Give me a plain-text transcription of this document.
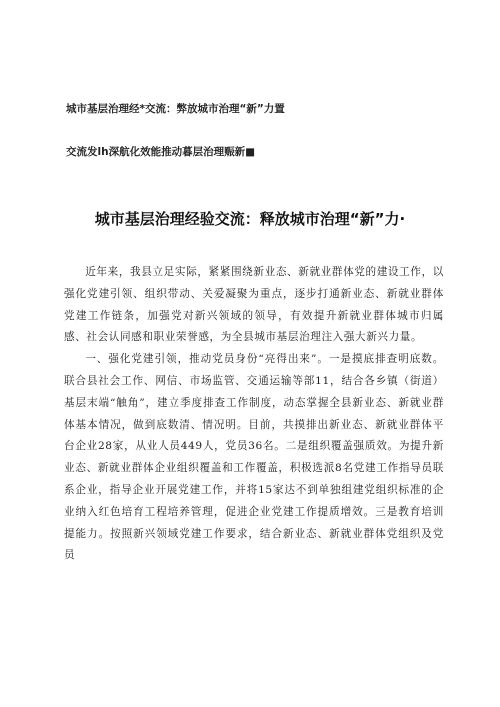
城市基层治理经*交流：弊放城市治理“新”力置
交流发lh深航化效能推动暮层治理赈新■
城市基层治理经验交流：释放城市治理“新”力·

近年来，我县立足实际，紧紧围绕新业态、新就业群体党的建设工作，以强化党建引领、组织带动、关爱凝聚为重点，逐步打通新业态、新就业群体党建工作链条，加强党对新兴领域的领导，有效提升新就业群体城市归属感、社会认同感和职业荣誉感，为全县城市基层治理注入强大新兴力量。

一、强化党建引领，推动党员身份“亮得出来”。一是摸底排查明底数。联合县社会工作、网信、市场监管、交通运输等部11，结合各乡镇（街道）基层末端“触角”，建立季度排查工作制度，动态掌握全县新业态、新就业群体基本情况，做到底数清、情况明。目前，共摸排出新业态、新就业群体平台企业28家，从业人员449人，党员36名。二是组织覆盖强质效。为提升新业态、新就业群体企业组织覆盖和工作覆盖，积极选派8名党建工作指导员联系企业，指导企业开展党建工作，并将15家达不到单独组建党组织标准的企业纳入红色培育工程培养管理，促进企业党建工作提质增效。三是教育培训提能力。按照新兴领域党建工作要求，结合新业态、新就业群体党组织及党员
